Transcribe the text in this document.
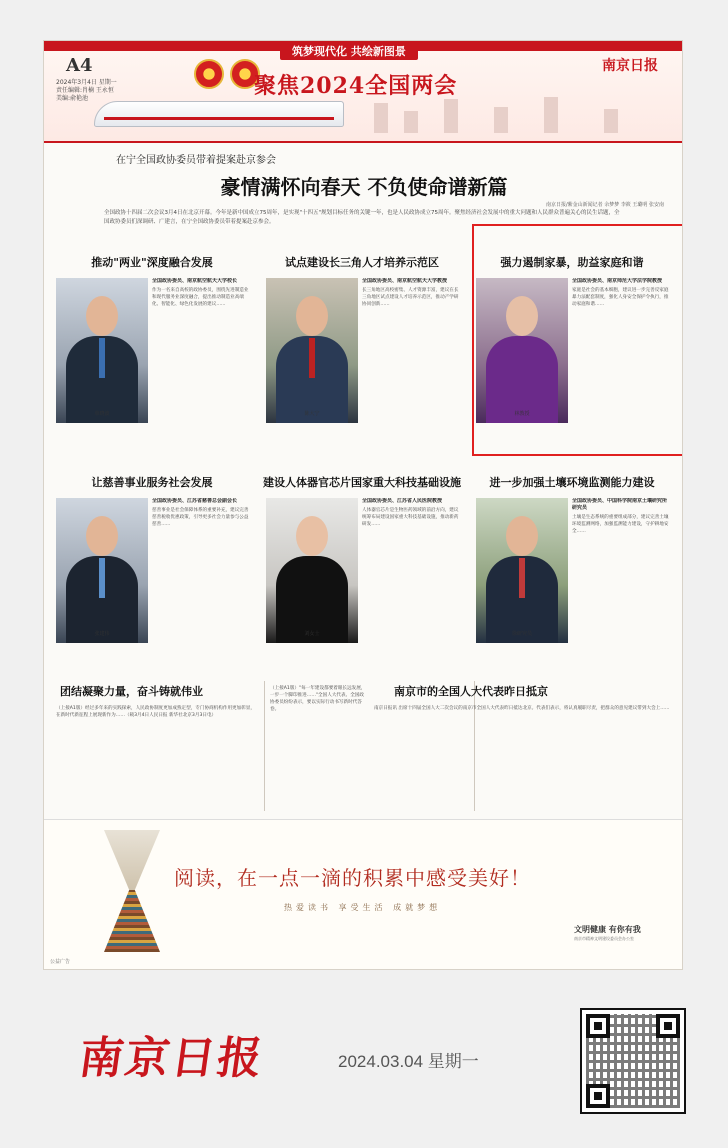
A4
2024年3月4日 星期一
责任编辑:肖楠 王永恒
美编:俞艳池
筑梦现代化 共绘新图景
聚焦2024全国两会
南京日报
在宁全国政协委员带着提案赴京参会
豪情满怀向春天 不负使命谱新篇
南京日报/紫金山新闻记者 余梦梦 李筱 王璐明 张安南
全国政协十四届二次会议3月4日在北京开幕。今年是新中国成立75周年，是实现"十四五"规划目标任务的关键一年，也是人民政协成立75周年。聚焦经济社会发展中的重大问题和人民群众普遍关心的民生话题，全国政协委员们深调研、广建言，在宁全国政协委员带着提案赴京参会。
推动"两业"深度融合发展
单晓波
全国政协委员、南京航空航天大学校长
作为一名来自高校的政协委员，围绕先进制造业和现代服务业深度融合，提出推动制造业高端化、智能化、绿色化发展的建议……
试点建设长三角人才培养示范区
陈大宁
全国政协委员、南京航空航天大学教授
长三角地区高校密集、人才资源丰富，建议在长三角地区试点建设人才培养示范区，推动产学研协同创新……
强力遏制家暴，助益家庭和谐
林教授
全国政协委员、南京师范大学法学院教授
家庭是社会的基本细胞，建议进一步完善反家庭暴力法配套制度，强化人身安全保护令执行，推动家庭和谐……
让慈善事业服务社会发展
张建伟
全国政协委员、江苏省慈善总会副会长
慈善事业是社会保障体系的重要补充，建议完善慈善税收优惠政策，引导更多社会力量参与公益慈善……
建设人体器官芯片国家重大科技基础设施
刘女士
全国政协委员、江苏省人民医院教授
人体器官芯片是生物医药领域的前沿方向，建议统筹布局建设国家重大科技基础设施，推动新药研发……
进一步加强土壤环境监测能力建设
徐研究员
全国政协委员、中国科学院南京土壤研究所研究员
土壤是生态系统的重要组成部分，建议完善土壤环境监测网络，加强监测能力建设，守护耕地安全……
团结凝聚力量，奋斗铸就伟业
（上接A1版）经过多年来的实践探索，人民政协制度更加成熟定型，专门协商机构作用更加彰显，在新时代新征程上展现新作为……（载3月4日人民日报 新华社北京3月3日电）
（上接A1版）"每一年建设都要着眼长远发展，一步一个脚印推进……"全国人大代表、全国政协委员纷纷表示，要以实际行动书写新时代答卷。
南京市的全国人大代表昨日抵京
南京日报讯 出席十四届全国人大二次会议的南京市全国人大代表昨日抵达北京。代表们表示，将认真履职尽责，把群众的意见建议带到大会上……
阅读，在一点一滴的积累中感受美好！
热爱读书 享受生活 成就梦想
文明健康 有你有我
南京市精神文明建设委员会办公室
公益广告
南京日报	2024.03.04 星期一
